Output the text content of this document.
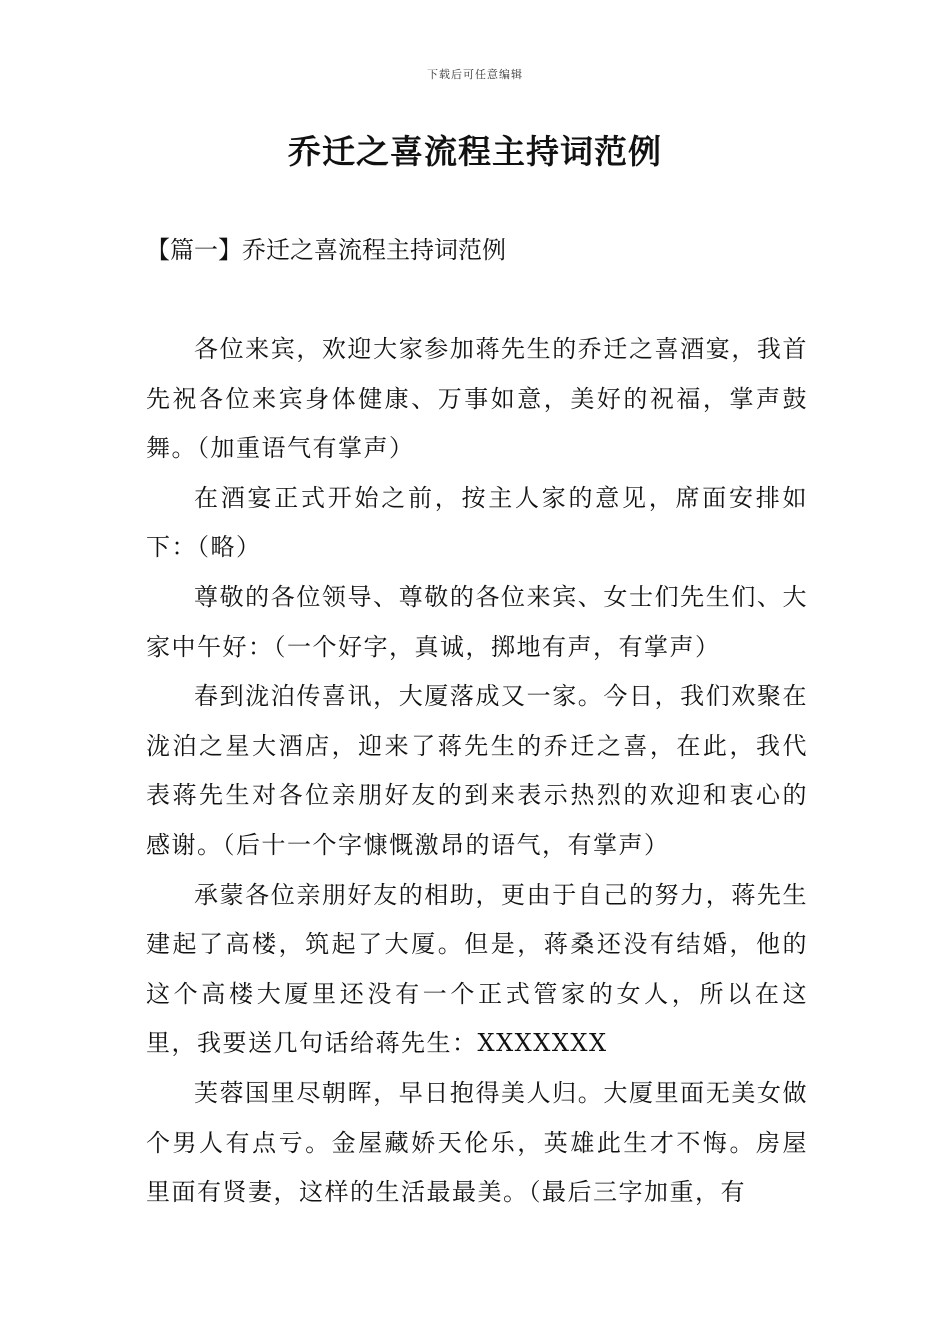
下载后可任意编辑
乔迁之喜流程主持词范例
【篇一】乔迁之喜流程主持词范例

各位来宾，欢迎大家参加蒋先生的乔迁之喜酒宴，我首先祝各位来宾身体健康、万事如意，美好的祝福，掌声鼓舞。（加重语气有掌声）

在酒宴正式开始之前，按主人家的意见，席面安排如下：（略）

尊敬的各位领导、尊敬的各位来宾、女士们先生们、大家中午好：（一个好字，真诚，掷地有声，有掌声）

春到泷泊传喜讯，大厦落成又一家。今日，我们欢聚在泷泊之星大酒店，迎来了蒋先生的乔迁之喜，在此，我代表蒋先生对各位亲朋好友的到来表示热烈的欢迎和衷心的感谢。（后十一个字慷慨激昂的语气，有掌声）

承蒙各位亲朋好友的相助，更由于自己的努力，蒋先生建起了高楼，筑起了大厦。但是，蒋桑还没有结婚，他的这个高楼大厦里还没有一个正式管家的女人，所以在这里，我要送几句话给蒋先生：XXXXXXX

芙蓉国里尽朝晖，早日抱得美人归。大厦里面无美女做个男人有点亏。金屋藏娇天伦乐，英雄此生才不悔。房屋里面有贤妻，这样的生活最最美。（最后三字加重，有
